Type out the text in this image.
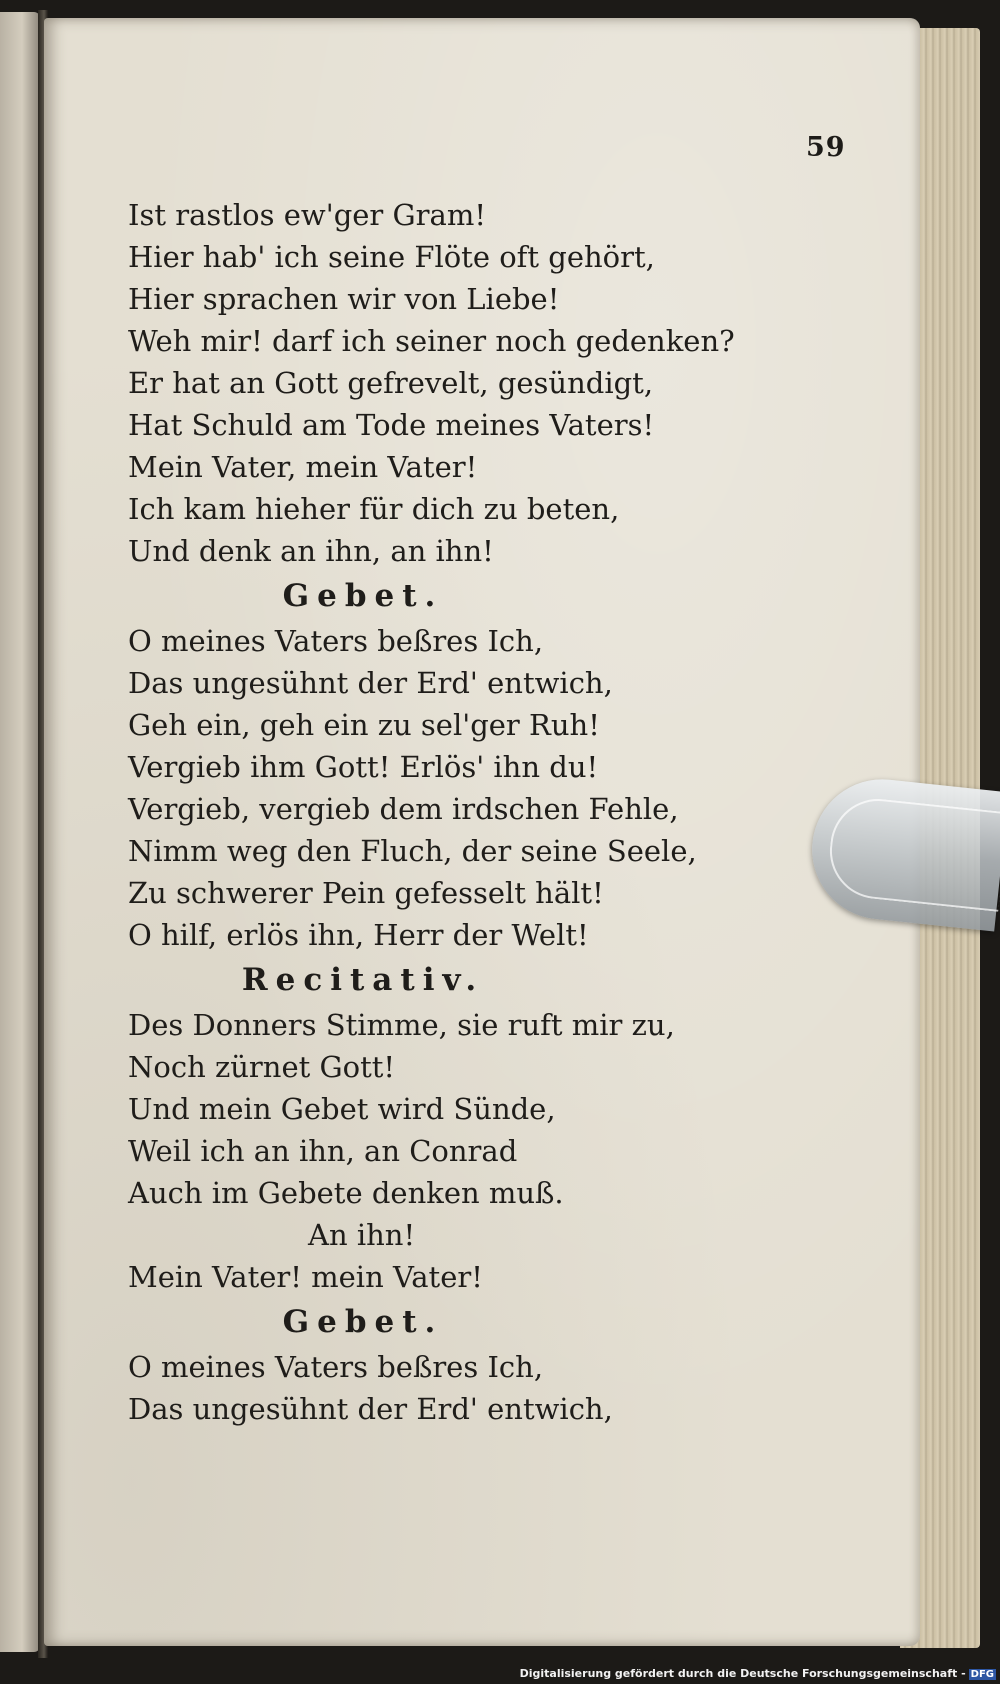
59
Ist rastlos ew'ger Gram!
Hier hab' ich seine Flöte oft gehört,
Hier sprachen wir von Liebe!
Weh mir! darf ich seiner noch gedenken?
Er hat an Gott gefrevelt, gesündigt,
Hat Schuld am Tode meines Vaters!
Mein Vater, mein Vater!
Ich kam hieher für dich zu beten,
Und denk an ihn, an ihn!
Gebet.
O meines Vaters beßres Ich,
Das ungesühnt der Erd' entwich,
Geh ein, geh ein zu sel'ger Ruh!
Vergieb ihm Gott! Erlös' ihn du!
Vergieb, vergieb dem irdschen Fehle,
Nimm weg den Fluch, der seine Seele,
Zu schwerer Pein gefesselt hält!
O hilf, erlös ihn, Herr der Welt!
Recitativ.
Des Donners Stimme, sie ruft mir zu,
Noch zürnet Gott!
Und mein Gebet wird Sünde,
Weil ich an ihn, an Conrad
Auch im Gebete denken muß.
An ihn!
Mein Vater! mein Vater!
Gebet.
O meines Vaters beßres Ich,
Das ungesühnt der Erd' entwich,
Digitalisierung gefördert durch die Deutsche Forschungsgemeinschaft - DFG
